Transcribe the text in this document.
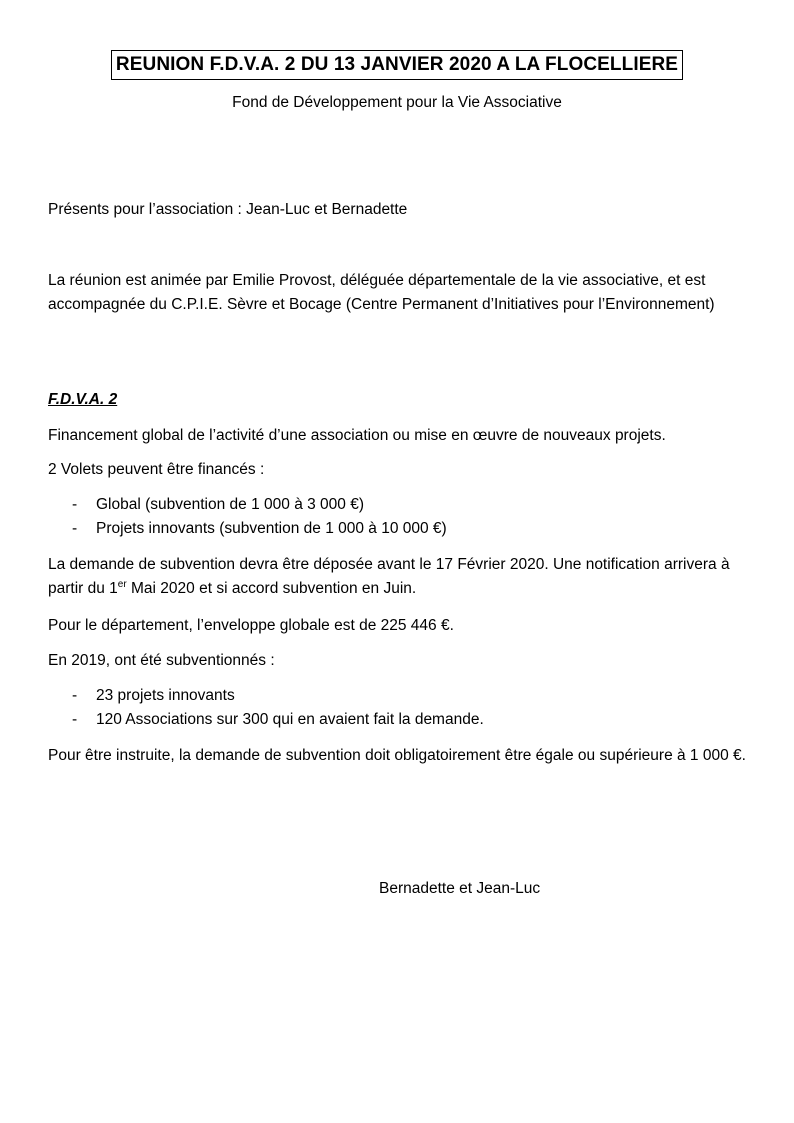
REUNION F.D.V.A. 2 DU 13 JANVIER 2020 A LA FLOCELLIERE

Fond de Développement pour la Vie Associative

Présents pour l’association : Jean-Luc et Bernadette

La réunion est animée par Emilie Provost, déléguée départementale de la vie associative, et est accompagnée du C.P.I.E. Sèvre et Bocage (Centre Permanent d’Initiatives pour l’Environnement)

F.D.V.A. 2

Financement global de l’activité d’une association ou mise en œuvre de nouveaux projets.

2 Volets peuvent être financés :

- Global (subvention de 1 000 à 3 000 €)

- Projets innovants (subvention de 1 000 à 10 000 €)

La demande de subvention devra être déposée avant le 17 Février 2020. Une notification arrivera à partir du 1er Mai 2020 et si accord subvention en Juin.

Pour le département, l’enveloppe globale est de 225 446 €.

En 2019, ont été subventionnés :

- 23 projets innovants

- 120 Associations sur 300 qui en avaient fait la demande.

Pour être instruite, la demande de subvention doit obligatoirement être égale ou supérieure à 1 000 €.

Bernadette et Jean-Luc
